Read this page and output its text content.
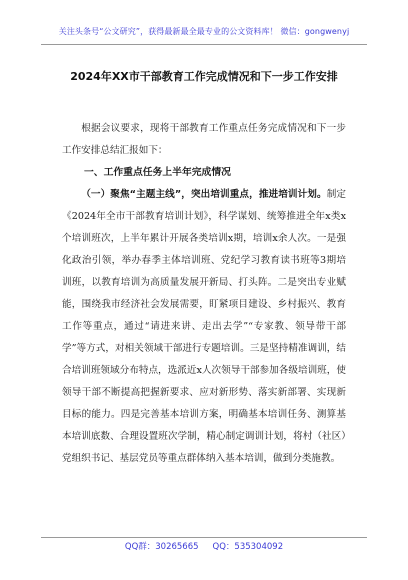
关注头条号“公文研究”，获得最新最全最专业的公文资料库！ 微信：gongwenyj
2024年XX市干部教育工作完成情况和下一步工作安排

根据会议要求，现将干部教育工作重点任务完成情况和下一步工作安排总结汇报如下：

一、工作重点任务上半年完成情况

（一）聚焦“主题主线”，突出培训重点，推进培训计划。制定《2024年全市干部教育培训计划》，科学谋划、统筹推进全年x类x个培训班次，上半年累计开展各类培训x期，培训x余人次。一是强化政治引领，举办春季主体培训班、党纪学习教育读书班等3期培训班，以教育培训为高质量发展开新局、打头阵。二是突出专业赋能，围绕我市经济社会发展需要，盯紧项目建设、乡村振兴、教育工作等重点，通过“请进来讲、走出去学”“专家教、领导带干部学”等方式，对相关领域干部进行专题培训。三是坚持精准调训，结合培训班领域分布特点，选派近x人次领导干部参加各级培训班，使领导干部不断提高把握新要求、应对新形势、落实新部署、实现新目标的能力。四是完善基本培训方案，明确基本培训任务、测算基本培训底数、合理设置班次学制，精心制定调训计划，将村（社区）党组织书记、基层党员等重点群体纳入基本培训，做到分类施教。

QQ群：30265665 QQ：535304092
